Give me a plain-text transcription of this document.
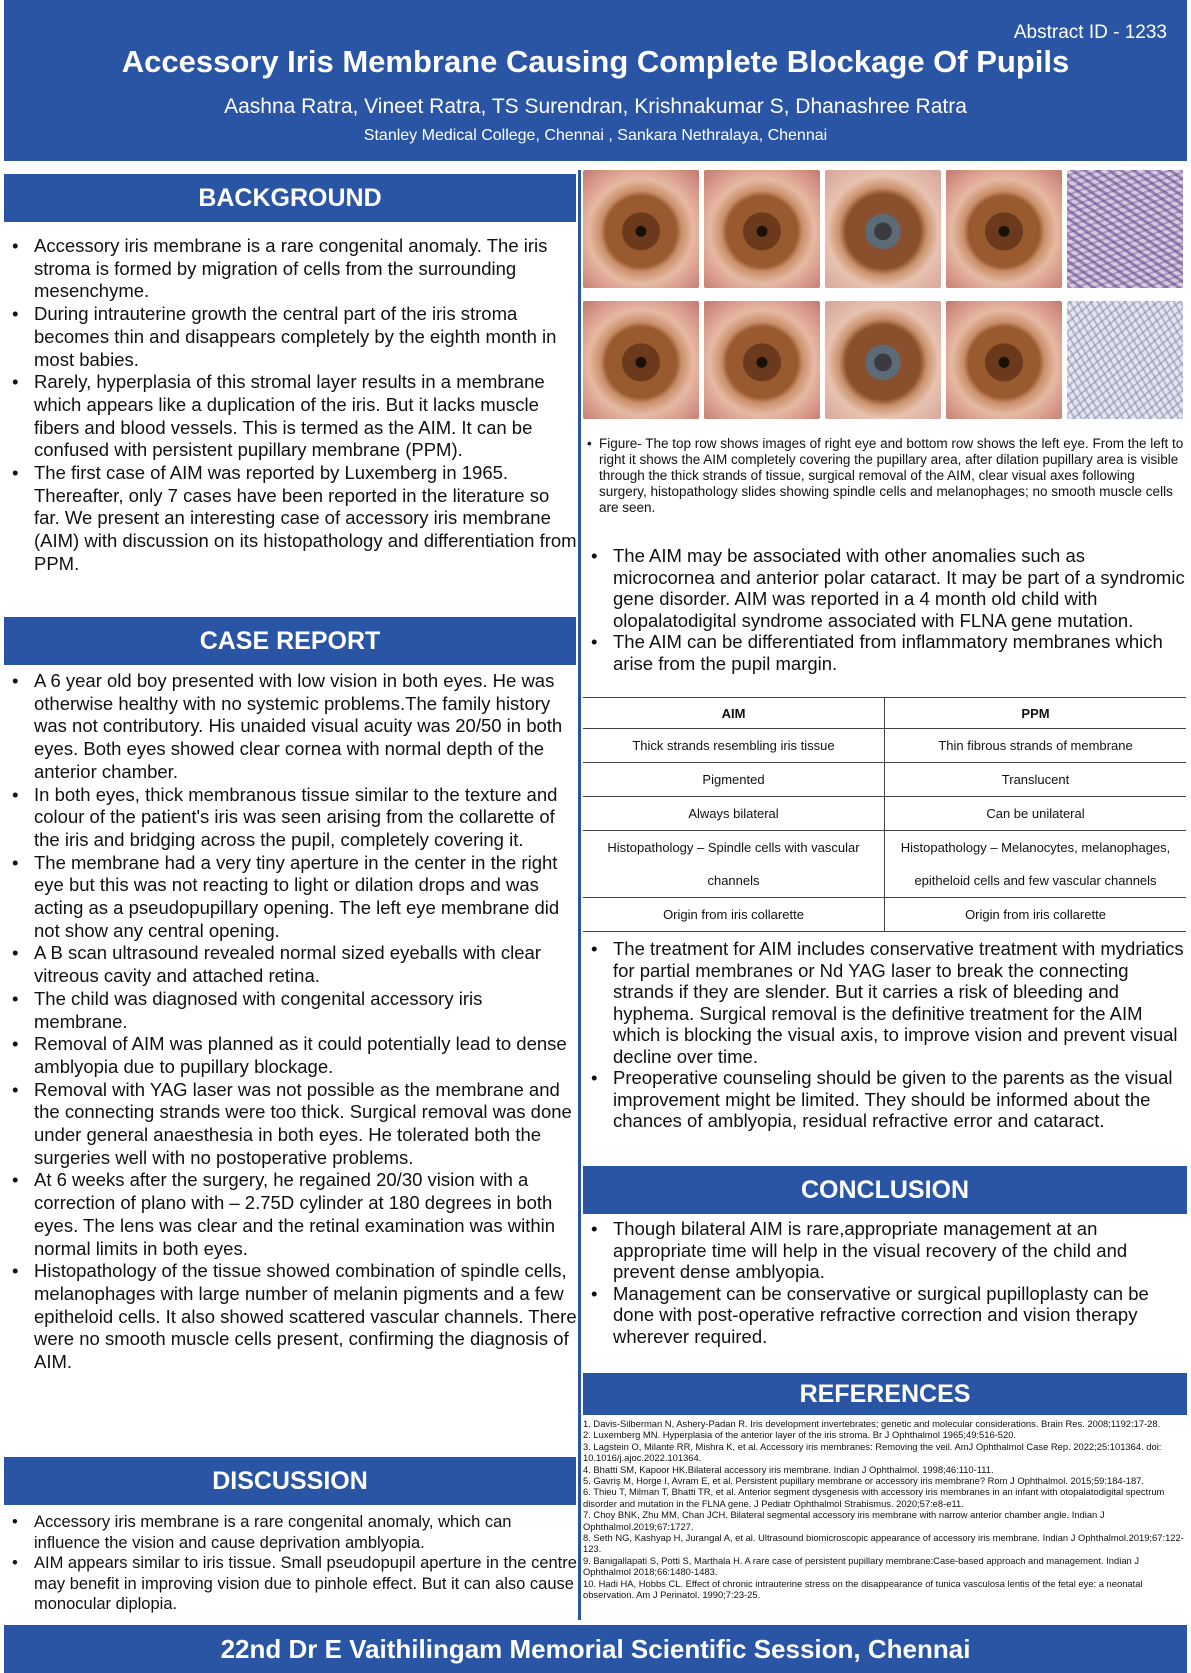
Abstract ID - 1233
Accessory Iris Membrane Causing Complete Blockage Of Pupils
Aashna Ratra, Vineet Ratra, TS Surendran, Krishnakumar S, Dhanashree Ratra
Stanley Medical College, Chennai , Sankara Nethralaya, Chennai
BACKGROUND
• Accessory iris membrane is a rare congenital anomaly. The iris stroma is formed by migration of cells from the surrounding mesenchyme.
• During intrauterine growth the central part of the iris stroma becomes thin and disappears completely by the eighth month in most babies.
• Rarely, hyperplasia of this stromal layer results in a membrane which appears like a duplication of the iris. But it lacks muscle fibers and blood vessels. This is termed as the AIM. It can be confused with persistent pupillary membrane (PPM).
• The first case of AIM was reported by Luxemberg in 1965. Thereafter, only 7 cases have been reported in the literature so far. We present an interesting case of accessory iris membrane (AIM) with discussion on its histopathology and differentiation from PPM.
CASE REPORT
• A 6 year old boy presented with low vision in both eyes. He was otherwise healthy with no systemic problems.The family history was not contributory. His unaided visual acuity was 20/50 in both eyes. Both eyes showed clear cornea with normal depth of the anterior chamber.
• In both eyes, thick membranous tissue similar to the texture and colour of the patient's iris was seen arising from the collarette of the iris and bridging across the pupil, completely covering it.
• The membrane had a very tiny aperture in the center in the right eye but this was not reacting to light or dilation drops and was acting as a pseudopupillary opening. The left eye membrane did not show any central opening.
• A B scan ultrasound revealed normal sized eyeballs with clear vitreous cavity and attached retina.
• The child was diagnosed with congenital accessory iris membrane.
• Removal of AIM was planned as it could potentially lead to dense amblyopia due to pupillary blockage.
• Removal with YAG laser was not possible as the membrane and the connecting strands were too thick. Surgical removal was done under general anaesthesia in both eyes. He tolerated both the surgeries well with no postoperative problems.
• At 6 weeks after the surgery, he regained 20/30 vision with a correction of plano with – 2.75D cylinder at 180 degrees in both eyes. The lens was clear and the retinal examination was within normal limits in both eyes.
• Histopathology of the tissue showed combination of spindle cells, melanophages with large number of melanin pigments and a few epitheloid cells. It also showed scattered vascular channels. There were no smooth muscle cells present, confirming the diagnosis of AIM.
DISCUSSION
• Accessory iris membrane is a rare congenital anomaly, which can influence the vision and cause deprivation amblyopia.
• AIM appears similar to iris tissue. Small pseudopupil aperture in the centre may benefit in improving vision due to pinhole effect. But it can also cause monocular diplopia.
• Figure- The top row shows images of right eye and bottom row shows the left eye. From the left to right it shows the AIM completely covering the pupillary area, after dilation pupillary area is visible through the thick strands of tissue, surgical removal of the AIM, clear visual axes following surgery, histopathology slides showing spindle cells and melanophages; no smooth muscle cells are seen.
• The AIM may be associated with other anomalies such as microcornea and anterior polar cataract. It may be part of a syndromic gene disorder. AIM was reported in a 4 month old child with olopalatodigital syndrome associated with FLNA gene mutation.
• The AIM can be differentiated from inflammatory membranes which arise from the pupil margin.
AIM	PPM
Thick strands resembling iris tissue	Thin fibrous strands of membrane
Pigmented	Translucent
Always bilateral	Can be unilateral
Histopathology – Spindle cells with vascular channels	Histopathology – Melanocytes, melanophages, epitheloid cells and few vascular channels
Origin from iris collarette	Origin from iris collarette
• The treatment for AIM includes conservative treatment with mydriatics for partial membranes or Nd YAG laser to break the connecting strands if they are slender. But it carries a risk of bleeding and hyphema. Surgical removal is the definitive treatment for the AIM which is blocking the visual axis, to improve vision and prevent visual decline over time.
• Preoperative counseling should be given to the parents as the visual improvement might be limited. They should be informed about the chances of amblyopia, residual refractive error and cataract.
CONCLUSION
• Though bilateral AIM is rare,appropriate management at an appropriate time will help in the visual recovery of the child and prevent dense amblyopia.
• Management can be conservative or surgical pupilloplasty can be done with post-operative refractive correction and vision therapy wherever required.
REFERENCES

1. Davis-Silberman N, Ashery-Padan R. Iris development invertebrates; genetic and molecular considerations. Brain Res. 2008;1192:17-28.

2. Luxemberg MN. Hyperplasia of the anterior layer of the iris stroma. Br J Ophthalmol 1965;49:516-520.

3. Lagstein O, Milante RR, Mishra K, et al. Accessory iris membranes: Removing the veil. AmJ Ophthalmol Case Rep. 2022;25:101364. doi: 10.1016/j.ajoc.2022.101364.

4. Bhatti SM, Kapoor HK.Bilateral accessory iris membrane. Indian J Ophthalmol. 1998;46:110-111.

5. Gavriş M, Horge I, Avram E, et al. Persistent pupillary membrane or accessory iris membrane? Rom J Ophthalmol. 2015;59:184-187.

6. Thieu T, Milman T, Bhatti TR, et al. Anterior segment dysgenesis with accessory iris membranes in an infant with otopalatodigital spectrum disorder and mutation in the FLNA gene. J Pediatr Ophthalmol Strabismus. 2020;57:e8-e11.

7. Choy BNK, Zhu MM, Chan JCH. Bilateral segmental accessory iris membrane with narrow anterior chamber angle. Indian J Ophthalmol.2019;67:1727.

8. Seth NG, Kashyap H, Jurangal A, et al. Ultrasound biomicroscopic appearance of accessory iris membrane. Indian J Ophthalmol.2019;67:122-123.

9. Banigallapati S, Potti S, Marthala H. A rare case of persistent pupillary membrane:Case-based approach and management. Indian J Ophthalmol 2018;66:1480-1483.

10. Hadi HA, Hobbs CL. Effect of chronic intrauterine stress on the disappearance of tunica vasculosa lentis of the fetal eye: a neonatal observation. Am J Perinatol. 1990;7:23-25.

22nd Dr E Vaithilingam Memorial Scientific Session, Chennai
